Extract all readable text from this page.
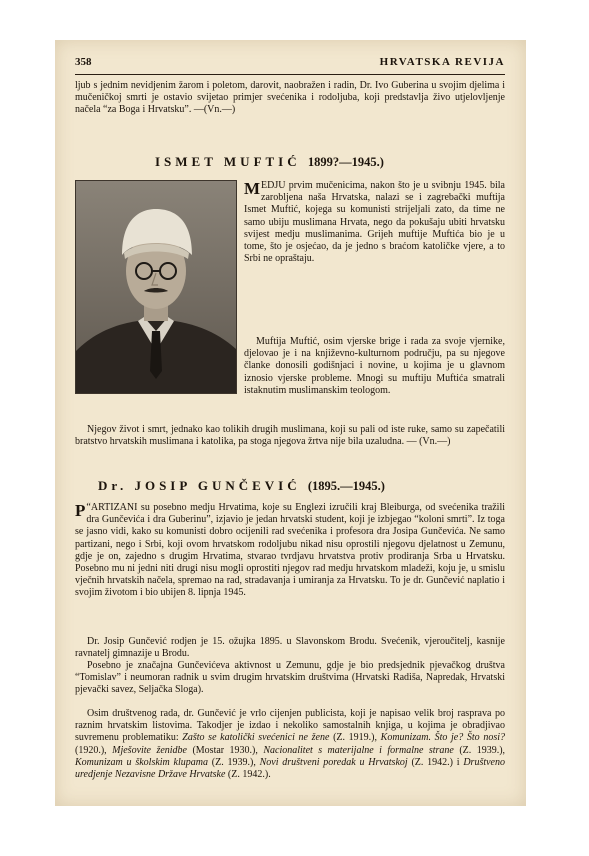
358	HRVATSKA REVIJA

ljub s jednim nevidjenim žarom i poletom, darovit, naobražen i radin, Dr. Ivo Guberina u svojim djelima i mučeničkoj smrti je ostavio svijetao primjer svećenika i rodoljuba, koji predstavlja živo utjelovljenje načela “za Boga i Hrvatsku”. —(Vn.—)

ISMET MUFTIĆ 1899?—1945.)

MEDJU prvim mučenicima, nakon što je u svibnju 1945. bila zarobljena naša Hrvatska, nalazi se i zagrebački muftija Ismet Muftić, kojega su komunisti strijeljali zato, da time ne samo ubiju muslimana Hrvata, nego da pokušaju ubiti hrvatsku svijest medju muslimanima. Grijeh muftije Muftića bio je u tome, što je osjećao, da je jedno s braćom katoličke vjere, a to Srbi ne opraštaju.

Muftija Muftić, osim vjerske brige i rada za svoje vjernike, djelovao je i na književno-kulturnom području, pa su njegove članke donosili godišnjaci i novine, u kojima je u glavnom iznosio vjerske probleme. Mnogi su muftiju Muftića smatrali istaknutim muslimanskim teologom.

Njegov život i smrt, jednako kao tolikih drugih muslimana, koji su pali od iste ruke, samo su zapečatili bratstvo hrvatskih muslimana i katolika, pa stoga njegova žrtva nije bila uzaludna. — (Vn.—)

Dr. JOSIP GUNČEVIĆ (1895.—1945.)

“
P ARTIZANI su posebno medju Hrvatima, koje su Englezi izručili kraj Bleiburga, od svećenika tražili dra Gunčevića i dra Guberinu”, izjavio je jedan hrvatski student, koji je izbjegao “koloni smrti”. Iz toga se jasno vidi, kako su komunisti dobro ocijenili rad svećenika i profesora dra Josipa Gunčevića. Ne samo partizani, nego i Srbi, koji ovom hrvatskom rodoljubu nikad nisu oprostili njegovu djelatnost u Zemunu, gdje je on, zajedno s drugim Hrvatima, stvarao tvrdjavu hrvatstva protiv prodiranja Srba u Hrvatsku. Posebno mu ni jedni niti drugi nisu mogli oprostiti njegov rad medju hrvatskom mladeži, koju je, u smislu vječnih hrvatskih načela, spremao na rad, stradavanja i umiranja za Hrvatsku. To je dr. Gunčević naplatio i svojim životom i bio ubijen 8. lipnja 1945.

Dr. Josip Gunčević rodjen je 15. ožujka 1895. u Slavonskom Brodu. Svećenik, vjeroučitelj, kasnije ravnatelj gimnazije u Brodu.

Posebno je značajna Gunčevićeva aktivnost u Zemunu, gdje je bio predsjednik pjevačkog društva “Tomislav” i neumoran radnik u svim drugim hrvatskim društvima (Hrvatski Radiša, Napredak, Hrvatski pjevački savez, Seljačka Sloga).

Osim društvenog rada, dr. Gunčević je vrlo cijenjen publicista, koji je napisao velik broj rasprava po raznim hrvatskim listovima. Takodjer je izdao i nekoliko samostalnih knjiga, u kojima je obradjivao suvremenu problematiku: Zašto se katolički svećenici ne žene (Z. 1919.), Komunizam. Što je? Što nosi? (1920.), Mješovite ženidbe (Mostar 1930.), Nacionalitet s materijalne i formalne strane (Z. 1939.), Komunizam u školskim klupama (Z. 1939.), Novi društveni poredak u Hrvatskoj (Z. 1942.) i Društveno uredjenje Nezavisne Države Hrvatske (Z. 1942.).
